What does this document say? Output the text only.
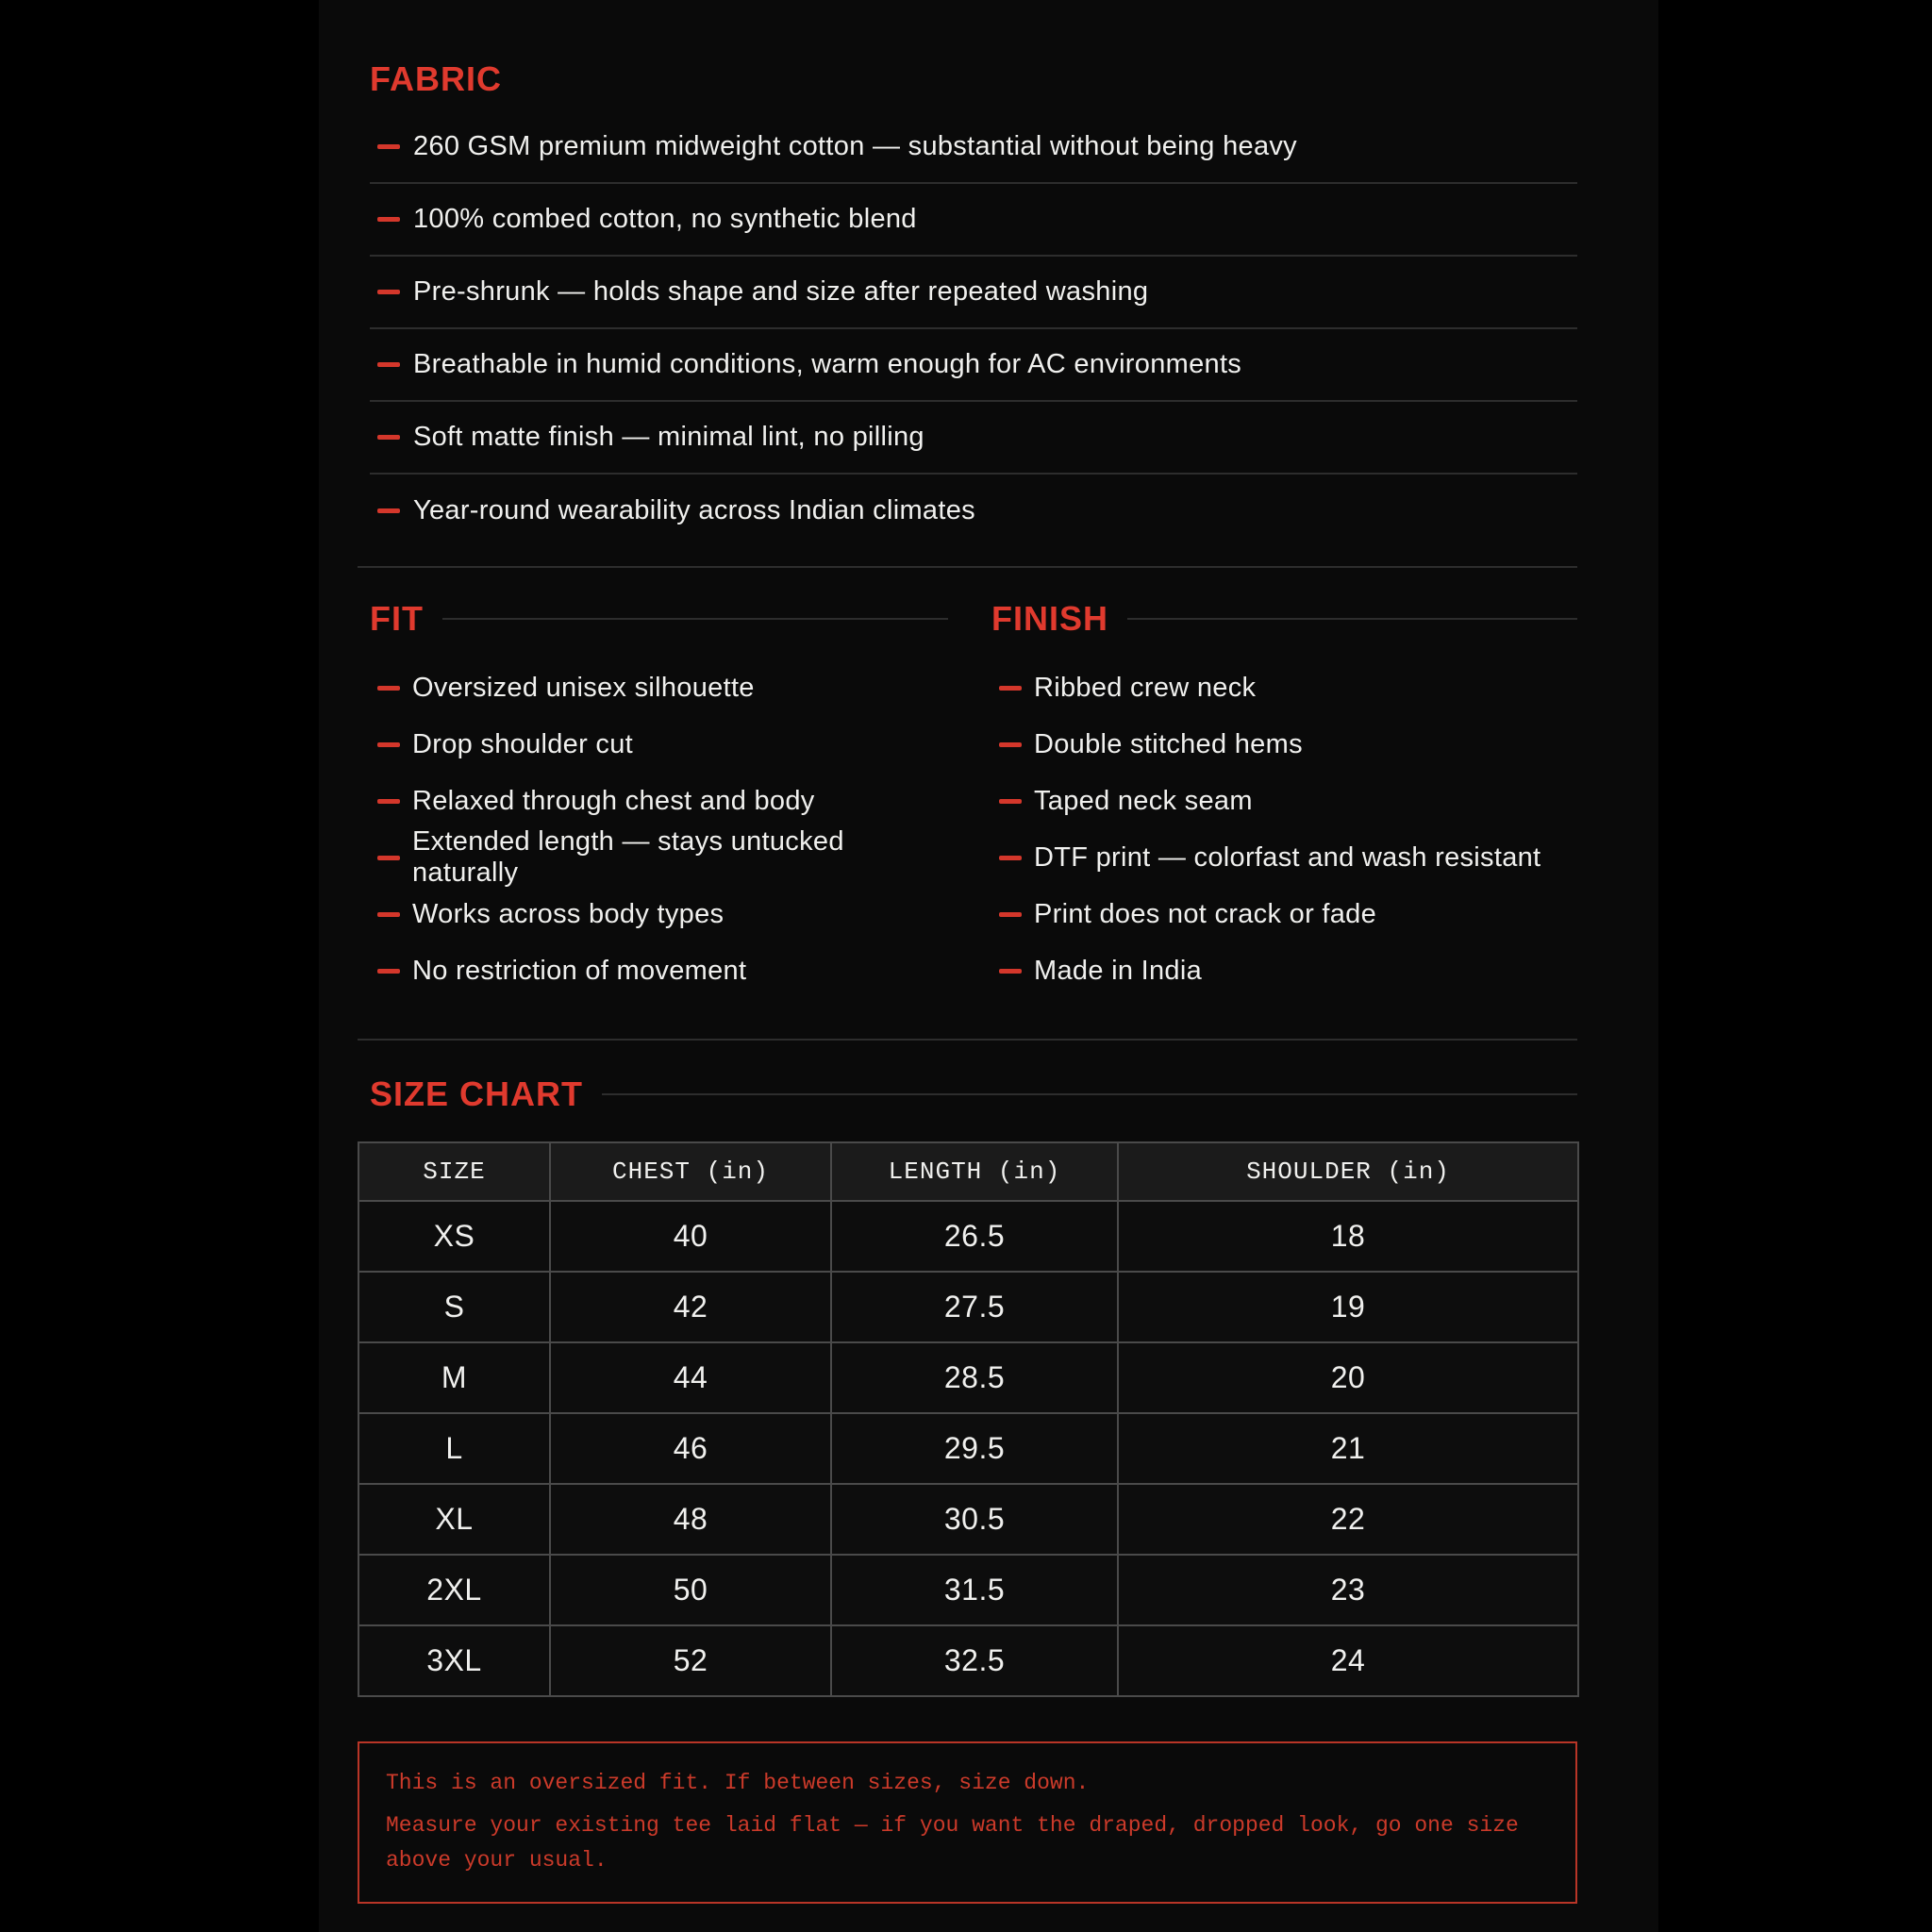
FABRIC
260 GSM premium midweight cotton — substantial without being heavy
100% combed cotton, no synthetic blend
Pre-shrunk — holds shape and size after repeated washing
Breathable in humid conditions, warm enough for AC environments
Soft matte finish — minimal lint, no pilling
Year-round wearability across Indian climates
FIT
Oversized unisex silhouette
Drop shoulder cut
Relaxed through chest and body
Extended length — stays untucked naturally
Works across body types
No restriction of movement
FINISH
Ribbed crew neck
Double stitched hems
Taped neck seam
DTF print — colorfast and wash resistant
Print does not crack or fade
Made in India
SIZE CHART
SIZE	CHEST (in)	LENGTH (in)	SHOULDER (in)
XS	40	26.5	18
S	42	27.5	19
M	44	28.5	20
L	46	29.5	21
XL	48	30.5	22
2XL	50	31.5	23
3XL	52	32.5	24

This is an oversized fit. If between sizes, size down.

Measure your existing tee laid flat — if you want the draped, dropped look, go one size above your usual.
